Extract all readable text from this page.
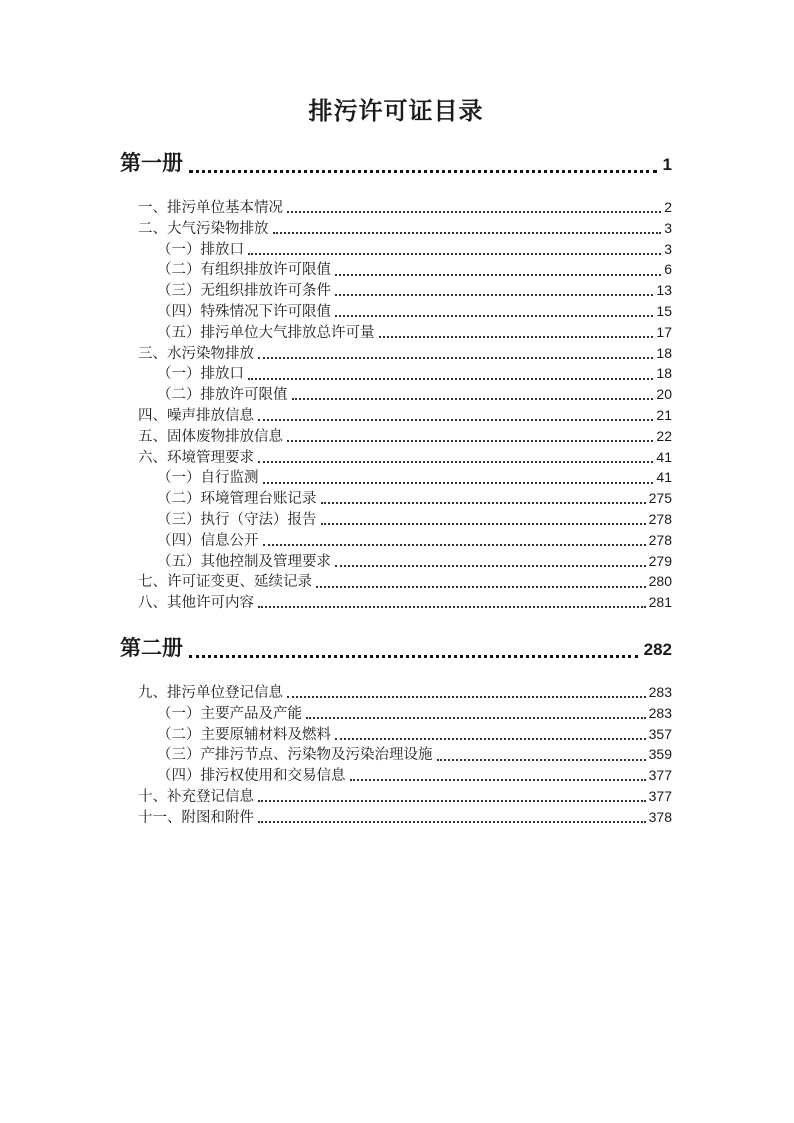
排污许可证目录
第一册	1
一、排污单位基本情况	2
二、大气污染物排放	3
（一）排放口	3
（二）有组织排放许可限值	6
（三）无组织排放许可条件	13
（四）特殊情况下许可限值	15
（五）排污单位大气排放总许可量	17
三、水污染物排放	18
（一）排放口	18
（二）排放许可限值	20
四、噪声排放信息	21
五、固体废物排放信息	22
六、环境管理要求	41
（一）自行监测	41
（二）环境管理台账记录	275
（三）执行（守法）报告	278
（四）信息公开	278
（五）其他控制及管理要求	279
七、许可证变更、延续记录	280
八、其他许可内容	281
第二册	282
九、排污单位登记信息	283
（一）主要产品及产能	283
（二）主要原辅材料及燃料	357
（三）产排污节点、污染物及污染治理设施	359
（四）排污权使用和交易信息	377
十、补充登记信息	377
十一、附图和附件	378
